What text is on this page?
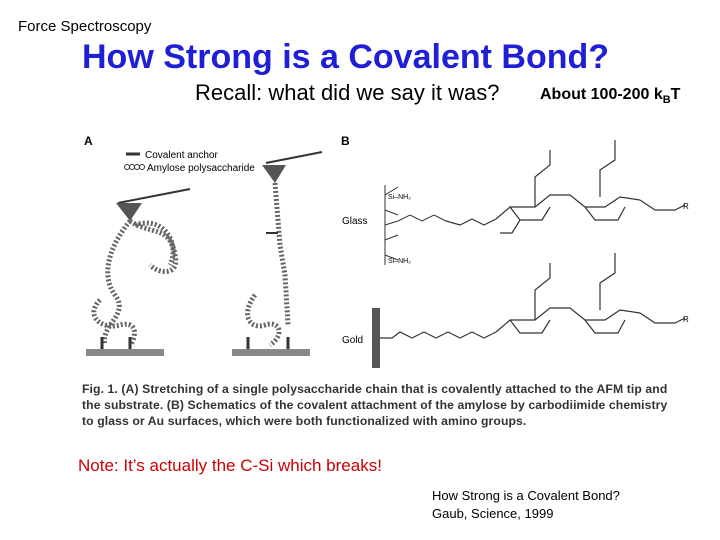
Force Spectroscopy
How Strong is a Covalent Bond?
Recall: what did we say it was?	About 100-200 $k_BT$
A
Covalent anchor
Amylose polysaccharide
B
Glass
Gold
Si–NH₂
Si–NH₂
R
R
Fig. 1. (A) Stretching of a single polysaccharide chain that is covalently attached to the AFM tip and the substrate. (B) Schematics of the covalent attachment of the amylose by carbodiimide chemistry to glass or Au surfaces, which were both functionalized with amino groups.
Note: It’s actually the C-Si which breaks!
How Strong is a Covalent Bond?
Gaub, Science, 1999
